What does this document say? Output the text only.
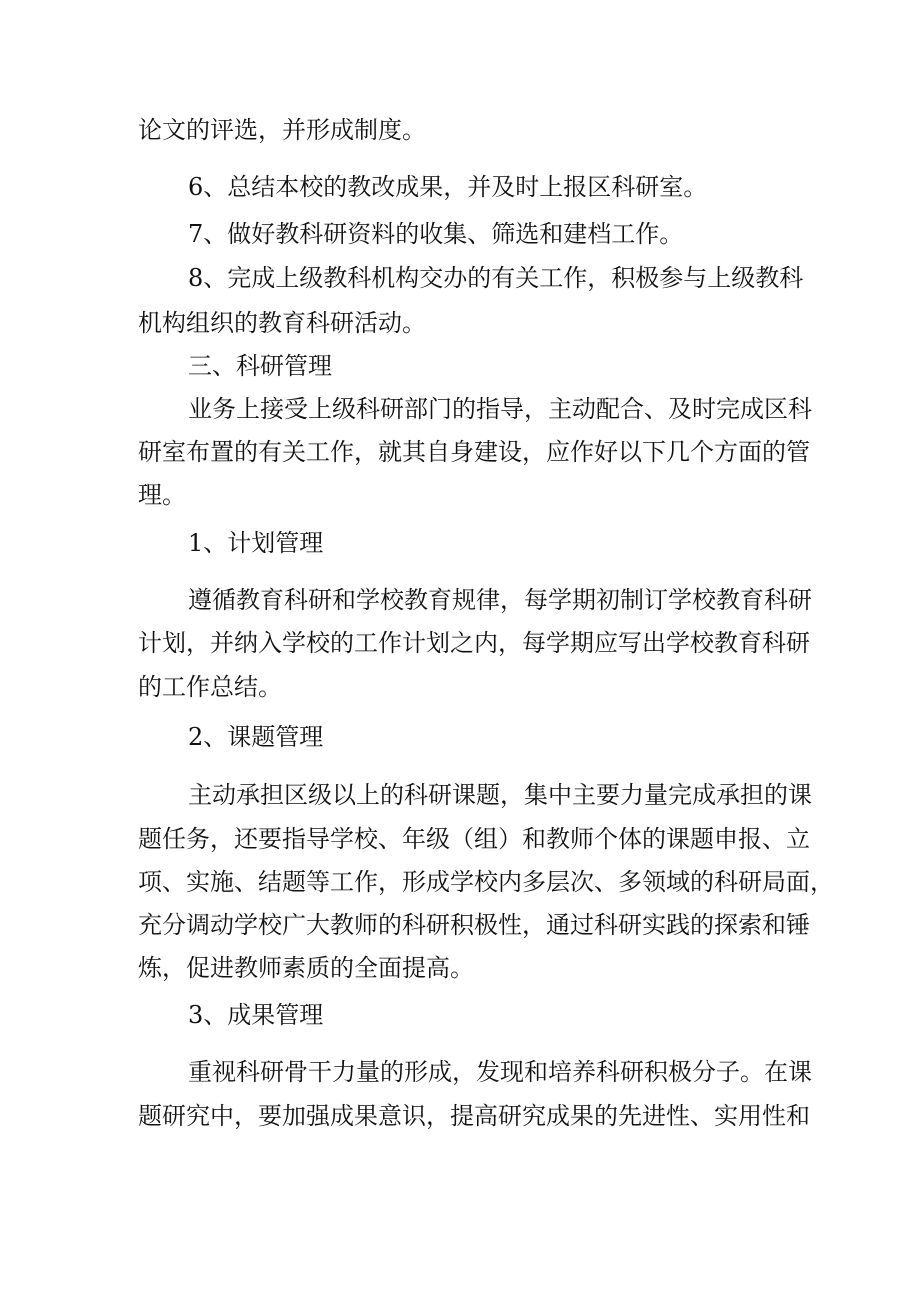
论文的评选，并形成制度。
6、总结本校的教改成果，并及时上报区科研室。
7、做好教科研资料的收集、筛选和建档工作。
8、完成上级教科机构交办的有关工作，积极参与上级教科
机构组织的教育科研活动。
三、科研管理
业务上接受上级科研部门的指导，主动配合、及时完成区科
研室布置的有关工作，就其自身建设，应作好以下几个方面的管
理。
1、计划管理
遵循教育科研和学校教育规律，每学期初制订学校教育科研
计划，并纳入学校的工作计划之内，每学期应写出学校教育科研
的工作总结。
2、课题管理
主动承担区级以上的科研课题，集中主要力量完成承担的课
题任务，还要指导学校、年级（组）和教师个体的课题申报、立
项、实施、结题等工作，形成学校内多层次、多领域的科研局面，
充分调动学校广大教师的科研积极性，通过科研实践的探索和锤
炼，促进教师素质的全面提高。
3、成果管理
重视科研骨干力量的形成，发现和培养科研积极分子。在课
题研究中，要加强成果意识，提高研究成果的先进性、实用性和
